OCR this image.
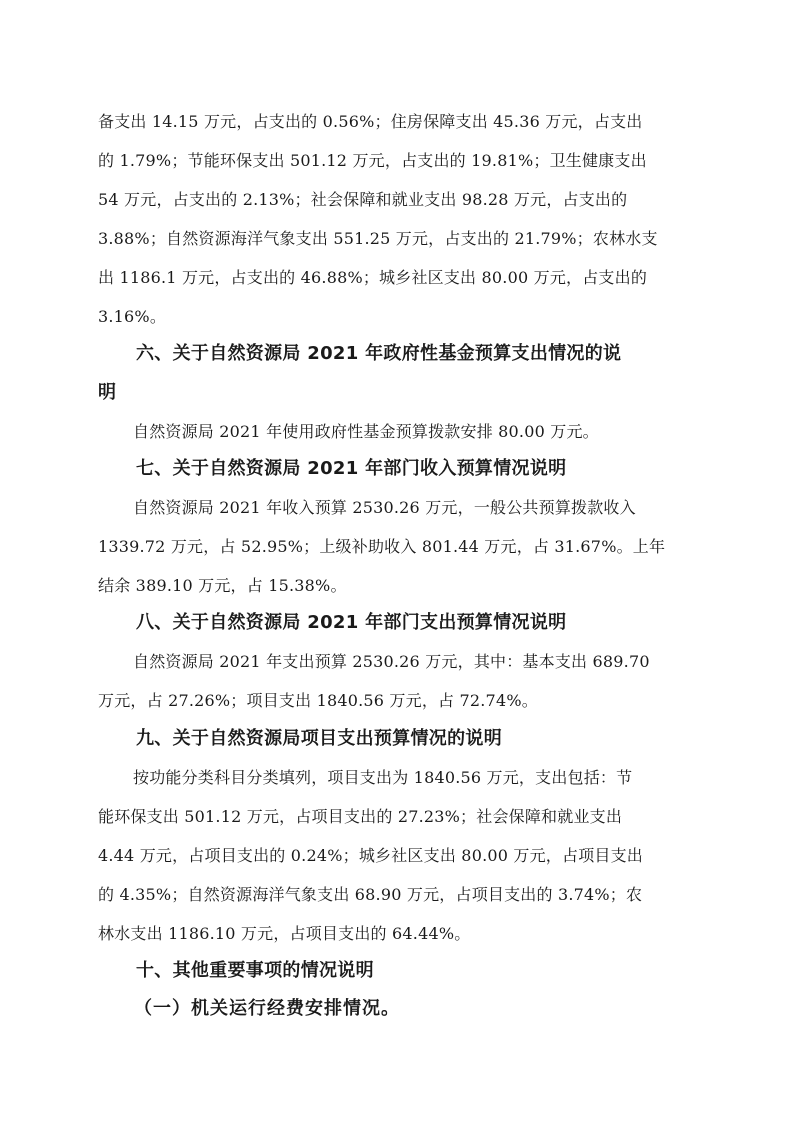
备支出 14.15 万元，占支出的 0.56%；住房保障支出 45.36 万元，占支出
的 1.79%；节能环保支出 501.12 万元，占支出的 19.81%；卫生健康支出
54 万元，占支出的 2.13%；社会保障和就业支出 98.28 万元，占支出的
3.88%；自然资源海洋气象支出 551.25 万元，占支出的 21.79%；农林水支
出 1186.1 万元，占支出的 46.88%；城乡社区支出 80.00 万元，占支出的
3.16%。
六、关于自然资源局 2021 年政府性基金预算支出情况的说
明
自然资源局 2021 年使用政府性基金预算拨款安排 80.00 万元。
七、关于自然资源局 2021 年部门收入预算情况说明
自然资源局 2021 年收入预算 2530.26 万元，一般公共预算拨款收入
1339.72 万元，占 52.95%；上级补助收入 801.44 万元，占 31.67%。上年
结余 389.10 万元，占 15.38%。
八、关于自然资源局 2021 年部门支出预算情况说明
自然资源局 2021 年支出预算 2530.26 万元，其中：基本支出 689.70
万元，占 27.26%；项目支出 1840.56 万元，占 72.74%。
九、关于自然资源局项目支出预算情况的说明
按功能分类科目分类填列，项目支出为 1840.56 万元，支出包括：节
能环保支出 501.12 万元，占项目支出的 27.23%；社会保障和就业支出
4.44 万元，占项目支出的 0.24%；城乡社区支出 80.00 万元，占项目支出
的 4.35%；自然资源海洋气象支出 68.90 万元，占项目支出的 3.74%；农
林水支出 1186.10 万元，占项目支出的 64.44%。
十、其他重要事项的情况说明
（一）机关运行经费安排情况。
